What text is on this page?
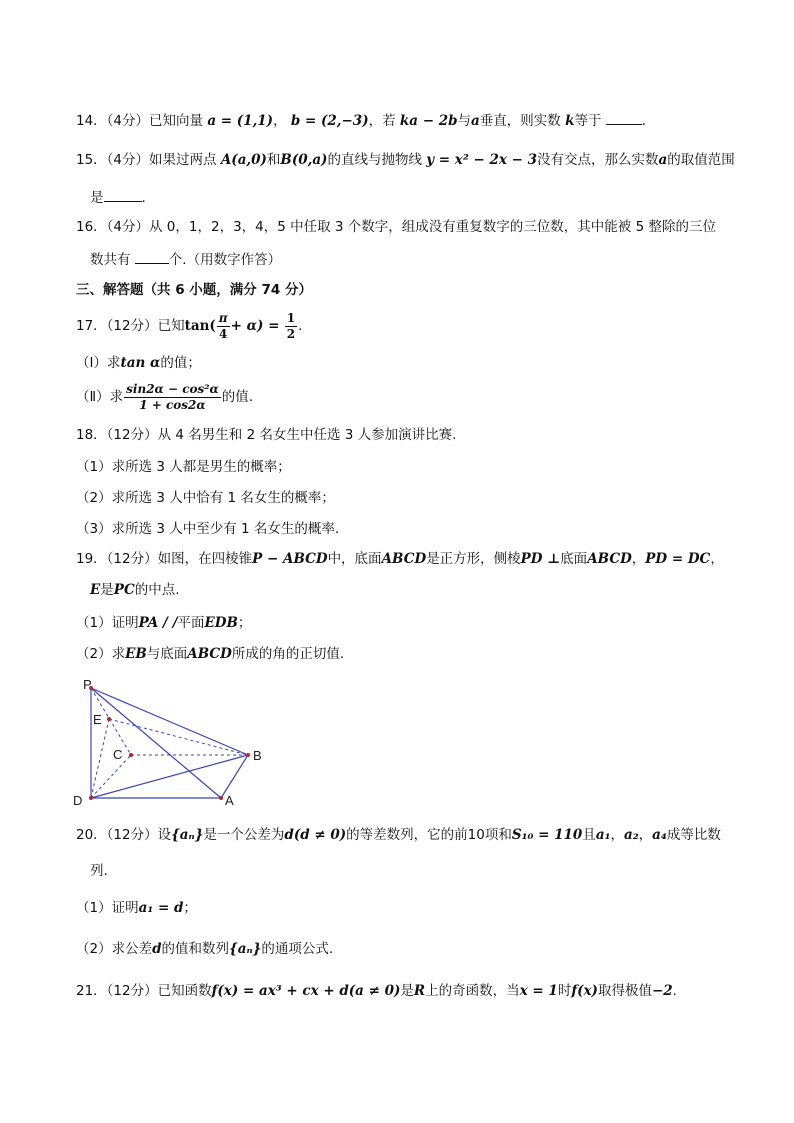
14．（4分）已知向量 a = (1,1)， b = (2,−3)，若 ka − 2b与a垂直，则实数 k等于	.
15．（4分）如果过两点 A(a,0)和B(0,a)的直线与抛物线 y = x² − 2x − 3没有交点，那么实数a的取值范围
是	.
16．（4分）从 0，1，2，3，4，5 中任取 3 个数字，组成没有重复数字的三位数，其中能被 5 整除的三位
数共有	个.（用数字作答）
三、解答题（共 6 小题，满分 74 分）
17．（12分）已知$\tan( \frac{\pi}{4} + \alpha) = \frac{1}{2}$ .
（Ⅰ）求tan α的值；
（Ⅱ）求 $\frac{\text{sin2α − cos²α}}{1 + \cos 2\alpha}$ 的值.
18．（12分）从 4 名男生和 2 名女生中任选 3 人参加演讲比赛.
（1）求所选 3 人都是男生的概率；
（2）求所选 3 人中恰有 1 名女生的概率；
（3）求所选 3 人中至少有 1 名女生的概率.
19．（12分）如图，在四棱锥P − ABCD中，底面ABCD是正方形，侧棱PD ⊥底面ABCD，PD = DC，
E是PC的中点.
（1）证明PA / /平面EDB；
（2）求EB与底面ABCD所成的角的正切值.
P
E
C	B
D	A
20．（12分）设{aₙ}是一个公差为d(d ≠ 0)的等差数列，它的前10项和S₁₀ = 110且a₁，a₂，a₄成等比数
列.
（1）证明a₁ = d；
（2）求公差d的值和数列{aₙ}的通项公式.
21．（12分）已知函数f(x) = ax³ + cx + d(a ≠ 0)是R上的奇函数，当x = 1时f(x)取得极值−2.
